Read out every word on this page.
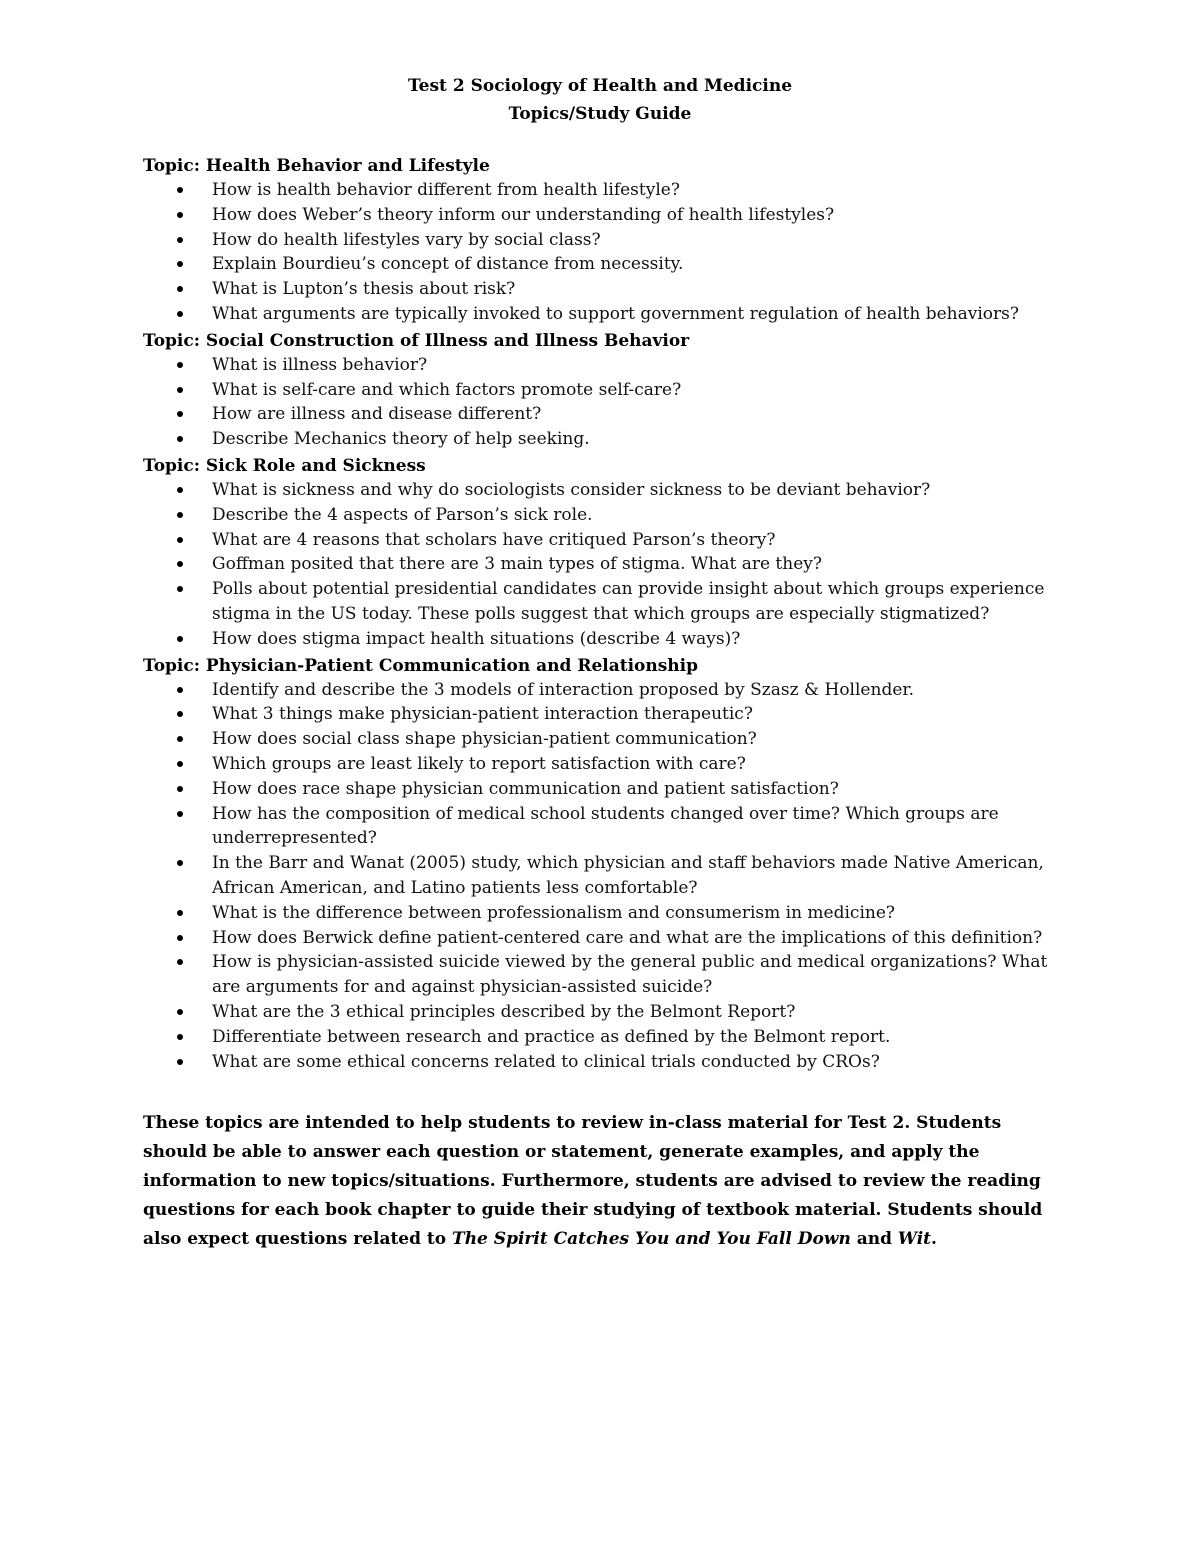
Test 2 Sociology of Health and Medicine
Topics/Study Guide
Topic: Health Behavior and Lifestyle
How is health behavior different from health lifestyle?
How does Weber’s theory inform our understanding of health lifestyles?
How do health lifestyles vary by social class?
Explain Bourdieu’s concept of distance from necessity.
What is Lupton’s thesis about risk?
What arguments are typically invoked to support government regulation of health behaviors?
Topic: Social Construction of Illness and Illness Behavior
What is illness behavior?
What is self-care and which factors promote self-care?
How are illness and disease different?
Describe Mechanics theory of help seeking.
Topic: Sick Role and Sickness
What is sickness and why do sociologists consider sickness to be deviant behavior?
Describe the 4 aspects of Parson’s sick role.
What are 4 reasons that scholars have critiqued Parson’s theory?
Goffman posited that there are 3 main types of stigma. What are they?
Polls about potential presidential candidates can provide insight about which groups experience stigma in the US today. These polls suggest that which groups are especially stigmatized?
How does stigma impact health situations (describe 4 ways)?
Topic: Physician-Patient Communication and Relationship
Identify and describe the 3 models of interaction proposed by Szasz & Hollender.
What 3 things make physician-patient interaction therapeutic?
How does social class shape physician-patient communication?
Which groups are least likely to report satisfaction with care?
How does race shape physician communication and patient satisfaction?
How has the composition of medical school students changed over time? Which groups are underrepresented?
In the Barr and Wanat (2005) study, which physician and staff behaviors made Native American, African American, and Latino patients less comfortable?
What is the difference between professionalism and consumerism in medicine?
How does Berwick define patient-centered care and what are the implications of this definition?
How is physician-assisted suicide viewed by the general public and medical organizations? What are arguments for and against physician-assisted suicide?
What are the 3 ethical principles described by the Belmont Report?
Differentiate between research and practice as defined by the Belmont report.
What are some ethical concerns related to clinical trials conducted by CROs?
These topics are intended to help students to review in-class material for Test 2. Students should be able to answer each question or statement, generate examples, and apply the information to new topics/situations. Furthermore, students are advised to review the reading questions for each book chapter to guide their studying of textbook material. Students should also expect questions related to The Spirit Catches You and You Fall Down and Wit.
